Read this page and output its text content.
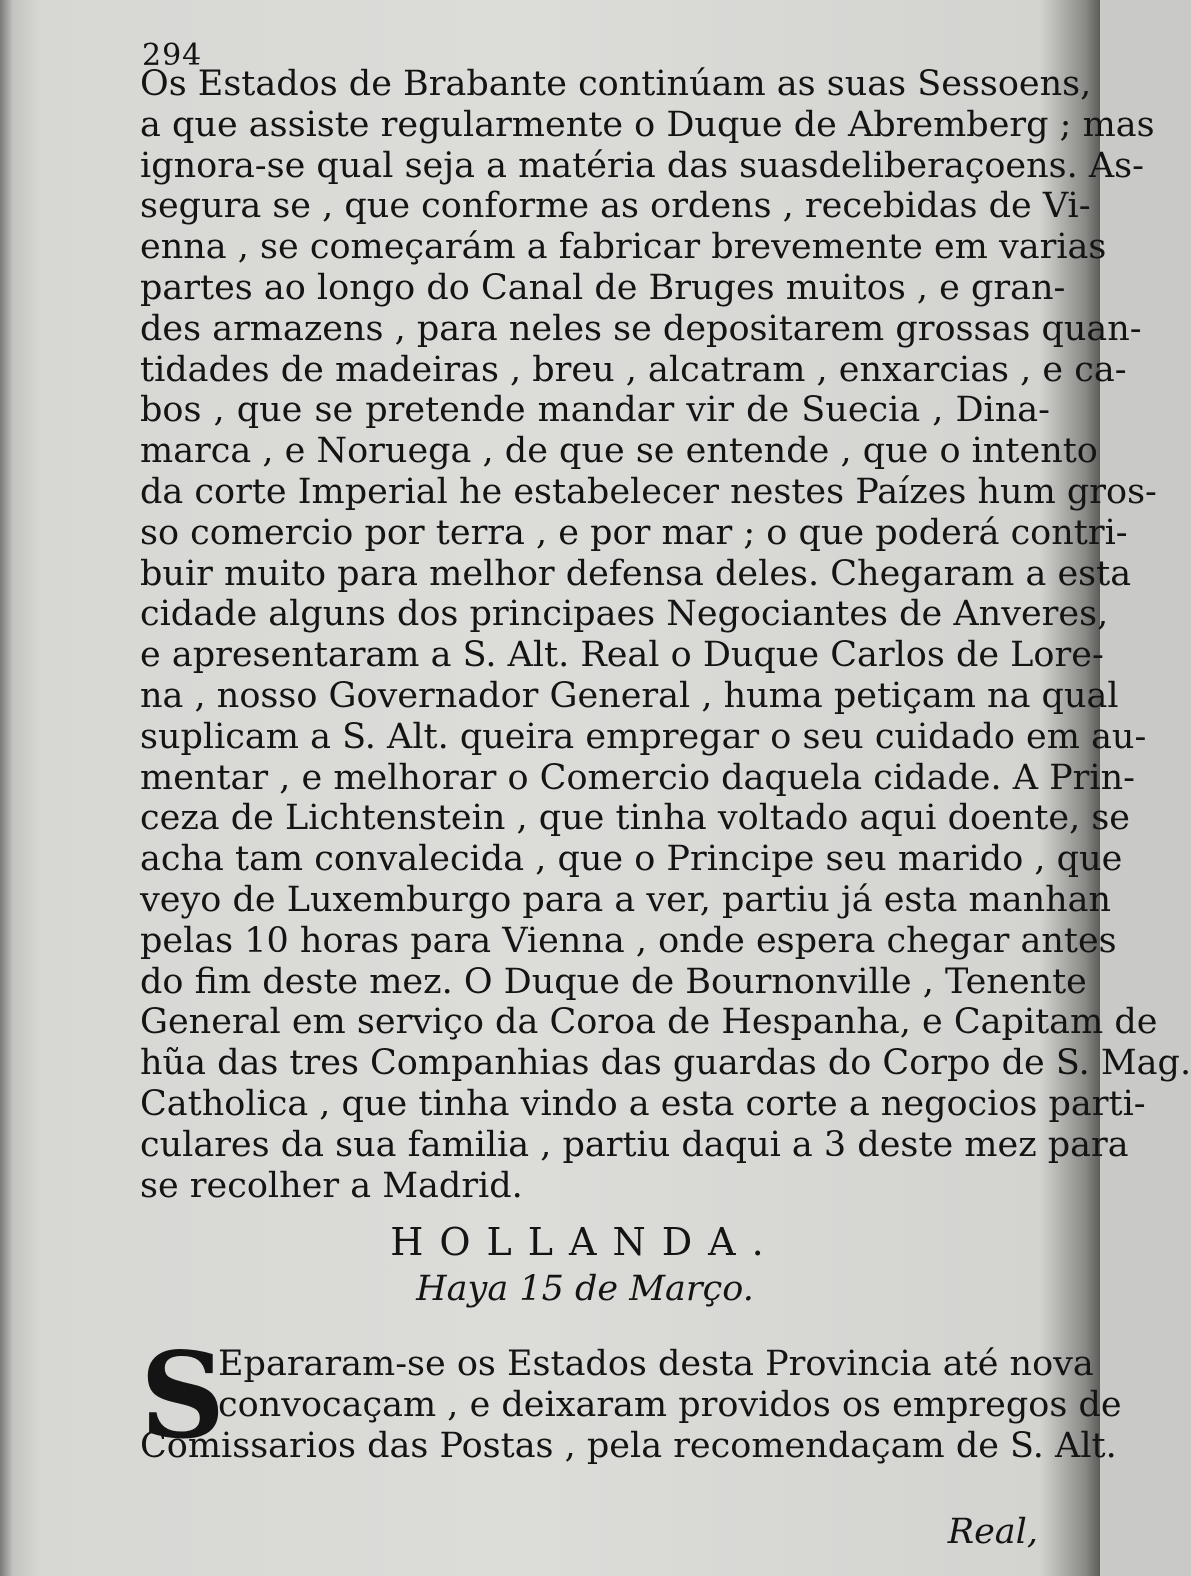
294
Os Estados de Brabante continúam as suas Sessoens,
a que assiste regularmente o Duque de Abremberg ; mas
ignora-se qual seja a matéria das suasdeliberaçoens. As-
segura se , que conforme as ordens , recebidas de Vi-
enna , se começarám a fabricar brevemente em varias
partes ao longo do Canal de Bruges muitos , e gran-
des armazens , para neles se depositarem grossas quan-
tidades de madeiras , breu , alcatram , enxarcias , e ca-
bos , que se pretende mandar vir de Suecia , Dina-
marca , e Noruega , de que se entende , que o intento
da corte Imperial he estabelecer nestes Paízes hum gros-
so comercio por terra , e por mar ; o que poderá contri-
buir muito para melhor defensa deles. Chegaram a esta
cidade alguns dos principaes Negociantes de Anveres,
e apresentaram a S. Alt. Real o Duque Carlos de Lore-
na , nosso Governador General , huma petiçam na qual
suplicam a S. Alt. queira empregar o seu cuidado em au-
mentar , e melhorar o Comercio daquela cidade. A Prin-
ceza de Lichtenstein , que tinha voltado aqui doente, se
acha tam convalecida , que o Principe seu marido , que
veyo de Luxemburgo para a ver, partiu já esta manhan
pelas 10 horas para Vienna , onde espera chegar antes
do fim deste mez. O Duque de Bournonville , Tenente
General em serviço da Coroa de Hespanha, e Capitam de
hũa das tres Companhias das guardas do Corpo de S. Mag.
Catholica , que tinha vindo a esta corte a negocios parti-
culares da sua familia , partiu daqui a 3 deste mez para
se recolher a Madrid.
HOLLANDA.
Haya 15 de Março.
S
Epararam-se os Estados desta Provincia até nova
convocaçam , e deixaram providos os empregos de
Comissarios das Postas , pela recomendaçam de S. Alt.
Real,
